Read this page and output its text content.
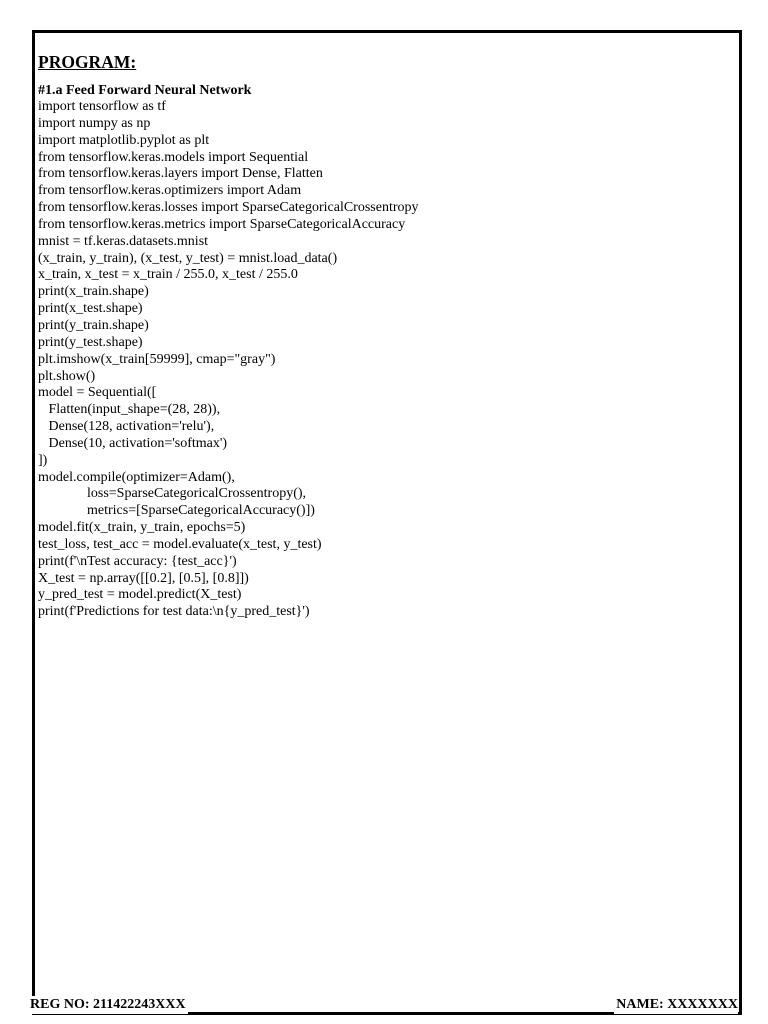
PROGRAM:
#1.a Feed Forward Neural Network
import tensorflow as tf
import numpy as np
import matplotlib.pyplot as plt
from tensorflow.keras.models import Sequential
from tensorflow.keras.layers import Dense, Flatten
from tensorflow.keras.optimizers import Adam
from tensorflow.keras.losses import SparseCategoricalCrossentropy
from tensorflow.keras.metrics import SparseCategoricalAccuracy
mnist = tf.keras.datasets.mnist
(x_train, y_train), (x_test, y_test) = mnist.load_data()
x_train, x_test = x_train / 255.0, x_test / 255.0
print(x_train.shape)
print(x_test.shape)
print(y_train.shape)
print(y_test.shape)
plt.imshow(x_train[59999], cmap="gray")
plt.show()
model = Sequential([
Flatten(input_shape=(28, 28)),
Dense(128, activation='relu'),
Dense(10, activation='softmax')
])
model.compile(optimizer=Adam(),
loss=SparseCategoricalCrossentropy(),
metrics=[SparseCategoricalAccuracy()])
model.fit(x_train, y_train, epochs=5)
test_loss, test_acc = model.evaluate(x_test, y_test)
print(f'\nTest accuracy: {test_acc}')
X_test = np.array([[0.2], [0.5], [0.8]])
y_pred_test = model.predict(X_test)
print(f'Predictions for test data:\n{y_pred_test}')
REG NO: 211422243XXX	NAME: XXXXXXX
